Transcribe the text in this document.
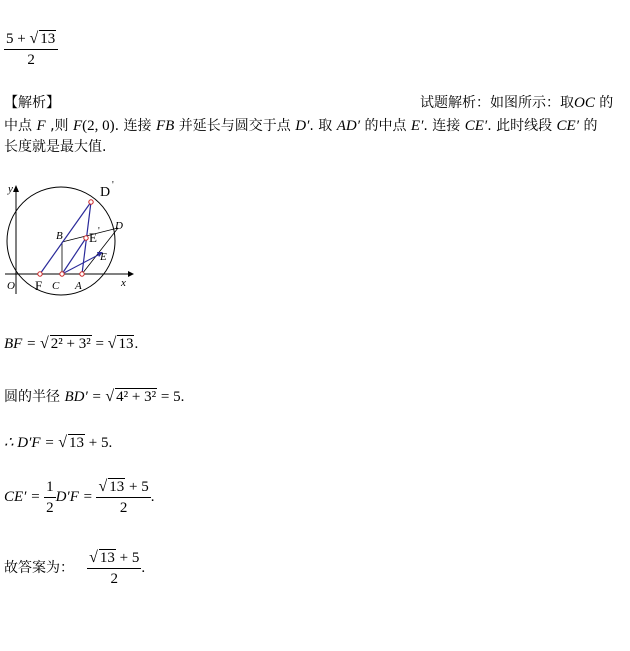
$\frac{5 + √ 13}{2}$
【解析】	试题解析：如图所示：取OC 的
中点 F ,则 F(2, 0). 连接 FB 并延长与圆交于点 D′. 取 AD′ 的中点 E′. 连接 CE′. 此时线段 CE′ 的
长度就是最大值.
y
x
O F C A
B
D '
D
E
E '
BF = √ 2² + 3² = √ 13.
圆的半径 BD′ = √ 4² + 3² = 5.
∴ D′F = √ 13 + 5.
$CE' = \frac{1}{2} D'F = \frac{√ 13 + 5}{2}$ .
故答案为： $\frac{√ 13 + 5}{2}$ .
